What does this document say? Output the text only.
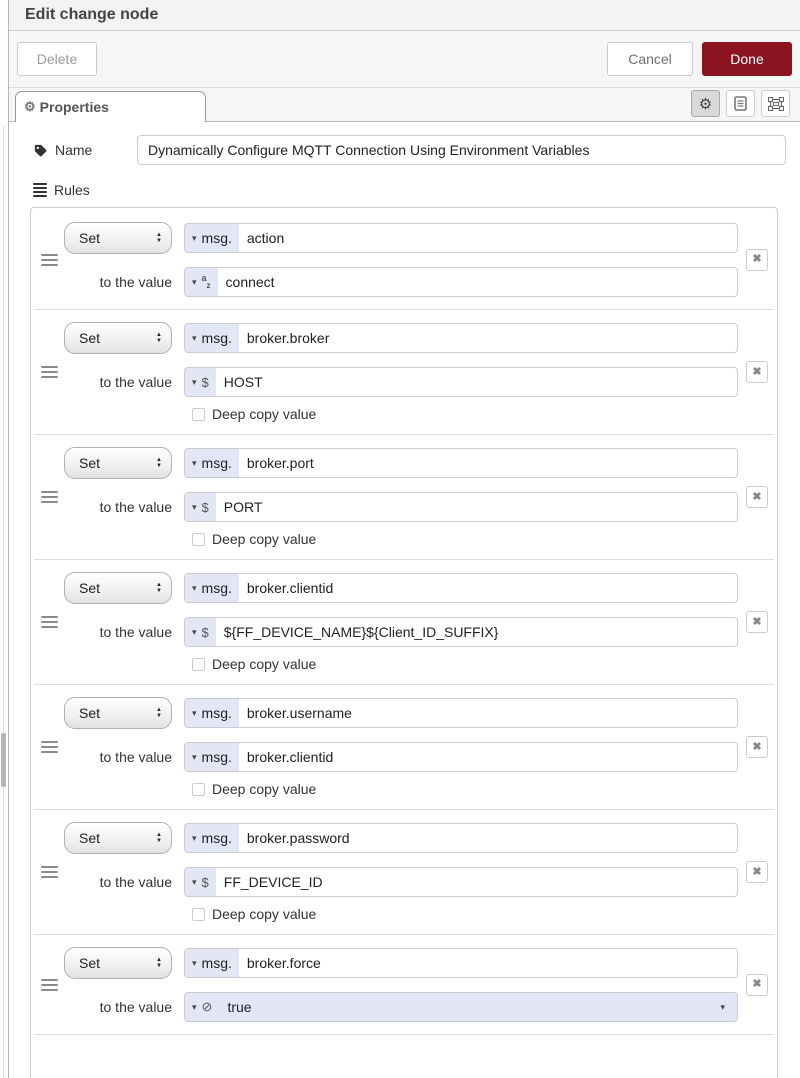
Edit change node
Delete	Cancel	Done
⚙ Properties	⚙
Name
Dynamically Configure MQTT Connection Using Environment Variables
Rules
✖
Set	▲
▼	▾ msg.	action
to the value ▾ a
z	connect
✖
Set	▲
▼	▾ msg.	broker.broker
to the value ▾ $	HOST
Deep copy value
✖
Set	▲
▼	▾ msg.	broker.port
to the value ▾ $	PORT
Deep copy value
✖
Set	▲
▼	▾ msg.	broker.clientid
to the value ▾ $	${FF_DEVICE_NAME}${Client_ID_SUFFIX}
Deep copy value
✖
Set	▲
▼	▾ msg.	broker.username
to the value ▾ msg.	broker.clientid
Deep copy value
✖
Set	▲
▼	▾ msg.	broker.password
to the value ▾ $	FF_DEVICE_ID
Deep copy value
✖
Set	▲
▼	▾ msg.	broker.force
to the value ▾ ⊘	true	▾
